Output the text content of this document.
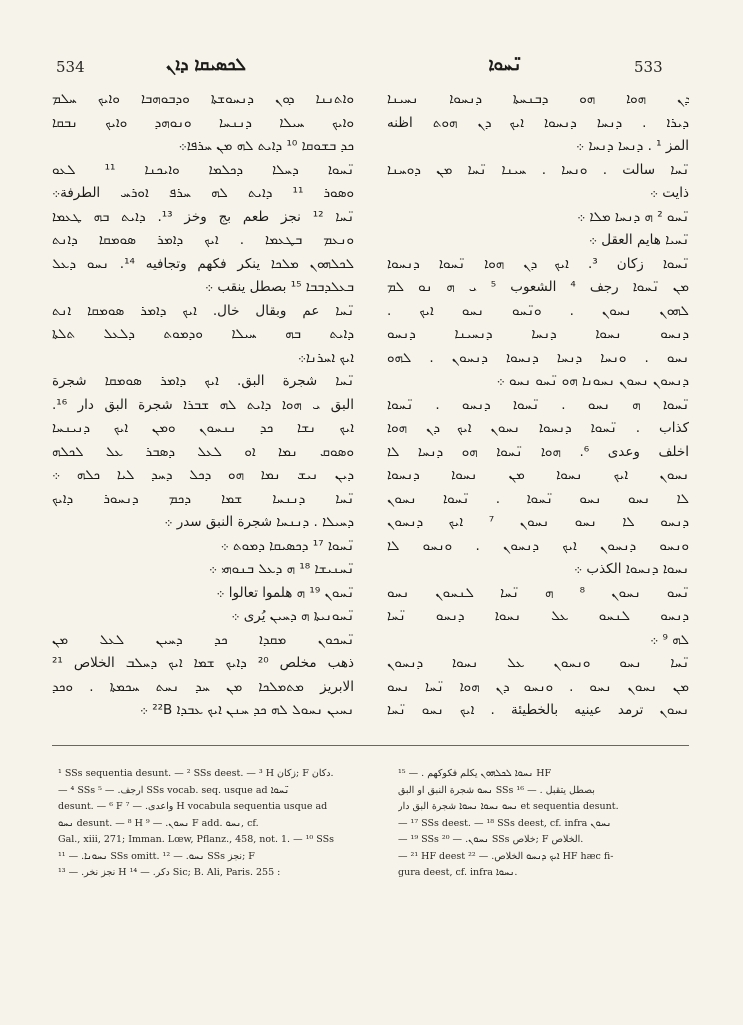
534	ܠܟܣܝܩܐ ܕܐܢ	ܢ̈ܚܘܐ	533
ܘܐܬܢܢܐ ܕܘܢ ܕܢܚܘܫܬܐ ܘܕܒܘܗܒܐ ܘܐܝܟ ܚܠܡ
ܘܐܝܟ ܚܝܠܐ ܕܢܢܚܐ ܘܢܘܗܕ ܘܐܝܟ ܢܒܩܐ
ܟܕ ܒܫܘܩܐ ¹⁰ ܕܐܝܬ ܠܗ ܡܢ ܚܪܦܐ܀
ܢ̈ܚܘܐ ܕܚܠܐ ܕܟܠܡܐ ܘܐܝܟܢܐ ¹¹ ܠܥܘ
ܘܣܘܪ ¹¹ ܕܐܝܬ ܠܗ ܚܪܦ ܐܘܪܚ الطرفة܀
ܢ̈ܚܐ ¹² نجز طعم بج وخز ¹³. ܕܐܝܬ ܒܗ ܛܥܡܐ
ܘܢܥܡ ܒܛܥܡܐ . ܐܝܟ ܕܐܡܪ ܣܘܡܩܐ ܕܐܢܬ
ܠܟܠܗܘܢ ܡܠܟܐ ينكر فكهم وتجافيه ¹⁴. ܢܚܘ ܕܥܠ
ܒܥܠܕܒܒܐ ¹⁵ بصطل ينقب ܀
ܢ̈ܚܐ عم وبقال خال. ܐܝܟ ܕܐܡܪ ܣܘܡܩܐ ܐܢܬ
ܕܐܝܬ ܒܗ ܚܝܠܐ ܘܕܡܘܬ ܕܠܥܠ ܬܠܬܐ
ܐܝܟ ܐܚܪܢܐ܀
ܢ̈ܚܐ شجرة البق. ܐܝܟ ܕܐܡܪ ܣܘܡܩܐ شجرة
البق ܝ ܗܘܐ ܕܐܝܬ ܠܗ ܫܒܪܐ شجرة البق دار ¹⁶.
ܐܝܟ ܢܫܐ ܟܕ ܢܢܚܘܢ ܘܡܢ ܐܝܟ ܕܢܝܢܚܐ
ܘܣܘܩ ܢܡܐ ܐܘ ܠܥܠ ܕܣܒܪ ܥܠ ܠܟܠܗ
ܕܝܢ ܢܝܫ ܢܡܐ ܗܘ ܕܟܠ ܕܚܕ ܠܝܐ ܟܠܗ ܀
ܢ̈ܚܐ ܕܢܢܚܐ ܫܡܐ ܕܟܡ ܕܢܚܘܪ ܕܐܝܟ
ܕܚܝܠܐ . ܕܢܢܚܐ شجرة النبق سدر ܀
ܢ̈ܚܘܐ ¹⁷ ܕܟܣܝܩܐ ܕܡܘܬ ܀
ܢ̈ܚܢܝܫܐ ¹⁸ ܗ ܕܥܠ ܒܢܘܗܝ ܀
ܢ̈ܚܘܢ ¹⁹ ܗ هلموا تعالوا ܀
ܢ̈ܚܘܢܝܬܐ ܗ ܕܚܝܢ يُرى ܀
ܢ̈ܚܟܘܢ ܡܩܕܐ ܟܕ ܕܚܝܢ ܠܥܠ ܡܢ
ذهب مخلص ²⁰ ܕܐܝܟ ܫܡܐ ܐܝܟ ܕܚܠܒ الخلاص ²¹
الابريز ܡܬܡܠܟܐ ܡܢ ܚܕ ܢܚܬ ܚܟܡܬܐ . ܘܟܕ
ܢܚܝܢ ܢܚܘܠ ܠܗ ܟܕ ܚܢܢ ܐܝܟ ܥܒܕܐ ²²B ܀
ܕܢ ܗܘܐ ܗܘ ܕܒܢܚܬܐ ܕܢܚܘܐ ܢܚܝܢܐ
ܕܝܪܐ . ܕܢܚܐ ܕܢܚܘܐ ܐܝܟ ܕܢ ܗܘܬ اظنه
المز ¹ . ܕܢܚܐ ܕܢܚܐ ܀
ܢ̈ܚܐ سالت . ܘܢܚܐ . ܚܝܢܐ ܢ̈ܚܐ ܡܢ ܕܘܚܢܐ
ذايت ܀
ܢ̈ܚܘ ² ܗ ܕܢܚܐ ܡܠܐ ܀
ܢ̈ܚܝܐ هايم العقل ܀
ܢ̈ܚܘܐ زكان ³. ܐܝܟ ܕܢ ܗܘܐ ܢ̈ܚܘܐ ܕܢܚܘܐ
ܡܢ ܢ̈ܚܘܐ رجف ⁴ الشعوب ⁵ ܝ ܗ ܢܘ ܠܡ
ܠܗܘܢ ܢܚܘܢ . ܘܢ̈ܚܘ ܢܚܘ ܐܝܟ .
ܕܢܚܘ ܢܚܘܐ ܕܢܚܐ ܕܢܚܝܢܐ ܕܢܚܘ
ܢܚܘ . ܘܢܚܐ ܕܢܚܐ ܕܢܚܘܐ ܕܢܚܘܢ . ܠܗܘ
ܕܢܚܘܢ ܢܚܘܢ ܢܚܘܢܐ ܗܘ ܢ̈ܚܘ ܢܚܘ ܀
ܢ̈ܚܘܐ ܗ ܢܚܘ . ܢ̈ܚܘܐ ܕܢܚܘ . ܢ̈ܚܘܐ
كذاب . ܢ̈ܚܘܐ ܕܢܚܘܐ ܢܚܘܢ ܐܝܟ ܕܢ ܗܘܐ
اخلف وعدى ⁶. ܗܘܐ ܢ̈ܚܘܐ ܗܘ ܕܢܚܐ ܠܐ
ܢܚܘܢ ܐܝܟ ܢܚܘܐ ܡܢ ܢܚܘܐ ܕܢܚܘܐ
ܠܐ ܢܚܘ ܢܚܘ ܢ̈ܚܘܐ . ܢ̈ܚܘܐ ܢܚܘܢ
ܕܢܚܘ ܠܐ ܢܚܘ ܢܚܘܢ ⁷ ܐܝܟ ܕܢܚܘܢ
ܘܢܚܘ ܕܢܚܘܢ ܐܝܟ ܕܢܚܘܢ . ܘܢܚܘ ܠܐ
ܢܚܘܐ ܕܢܚܘܐ الكذب ܀
ܢ̈ܚܘ ܢܚܘܢ ⁸ ܗ ܢ̈ܚܐ ܠܢܚܘܢ ܢܚܘ
ܕܢܚܘ ܠܢܚܘ ܥܠ ܢܚܘܐ ܕܢܚܘ ܢ̈ܚܐ
ܠܗ ⁹ ܀
ܢ̈ܚܐ ܢܚܘ ܘܢܚܘܢ ܥܠ ܢܚܘܐ ܕܢܚܘܢ
ܡܢ ܢܚܘܢ ܢܚܘ . ܘܢܚܘ ܕܢ ܗܘܐ ܢ̈ܚܐ ܢܚܘ
ܢܚܘܢ ترمد عينيه بالخطيئة . ܐܝܟ ܢܚܘ ܢ̈ܚܐ
¹ SSs sequentia desunt. — ² SSs deest. — ³ H زكان; F دكان.
— ⁴ SSs ارجف. — ⁵ SSs vocab. seq. usque ad ܢ̈ܚܘܐ
desunt. — ⁶ F واعدى. — ⁷ H vocabula sequentia usque ad
ܢܚܘ desunt. — ⁸ H ܢܚܘܢ. — ⁹ F add. ܢܚܘ, cf.
Gal., xiii, 271; Imman. Lœw, Pflanz., 458, not. 1. — ¹⁰ SSs
ܢܚܘܢܐ. — ¹¹ SSs omitt. ܢܚܘ. — ¹² SSs نجز; F
نجز نخر. — ¹³ H دكر. — ¹⁴ Sic; B. Ali, Paris. 255 :
ܢܚܘܐ ܠܟܠܗܘܢ يكلم فكوكهم . — ¹⁵ HF
ܢܚܘ شجرة النبق او البق SSs ¹⁶ — . بصطل يتقبل
ܢܚܘ ܢܚܘܐ ܢܚܘܐ شجرة البق دار et sequentia desunt.
— ¹⁷ SSs deest. — ¹⁸ SSs deest, cf. infra ܢܚܘܢ
— ¹⁹ SSs ܢܚܘܢ. — ²⁰ SSs خلاص; F الخلاص.
— ²¹ HF deest ܐܝܟ ܕܢܚܘ الخلاص. — ²² HF hæc fi-
gura deest, cf. infra ܢܚܘܐ.
